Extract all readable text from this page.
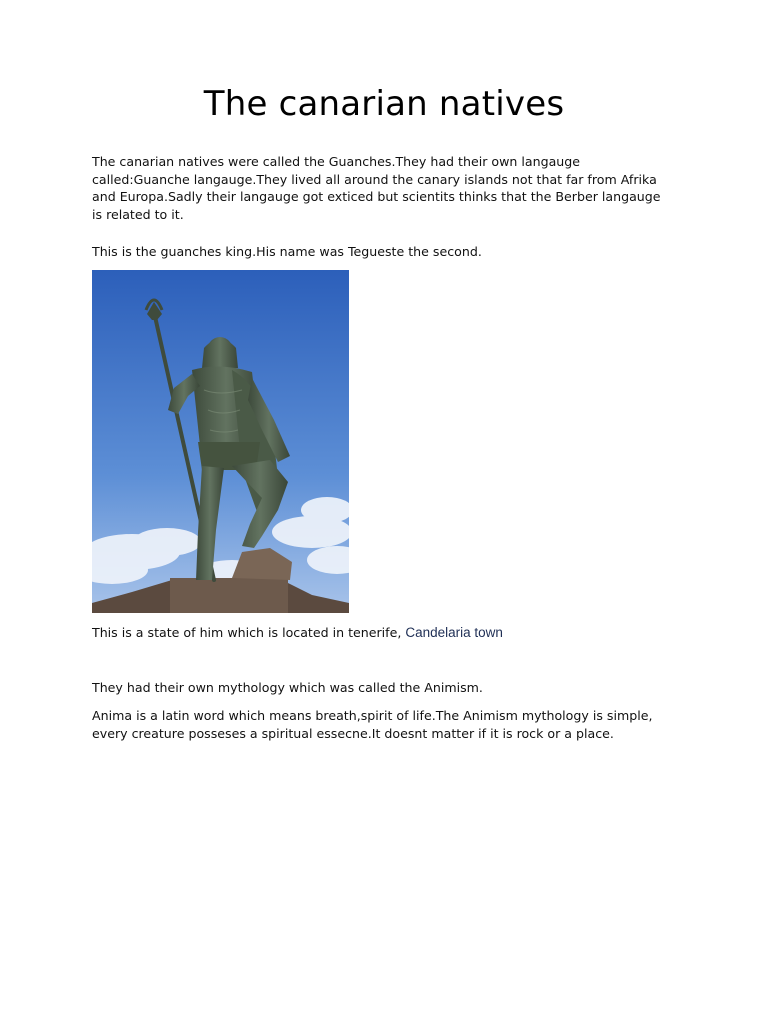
The canarian natives

The canarian natives were called the Guanches.They had their own langauge called:Guanche langauge.They lived all around the canary islands not that far from Afrika and Europa.Sadly their langauge got exticed but scientits thinks that the Berber langauge is related to it.

This is the guanches king.His name was Tegueste the second.

This is a state of him which is located in tenerife, Candelaria town

They had their own mythology which was called the Animism.

Anima is a latin word which means breath,spirit of life.The Animism mythology is simple, every creature posseses a spiritual essecne.It doesnt matter if it is rock or a place.
